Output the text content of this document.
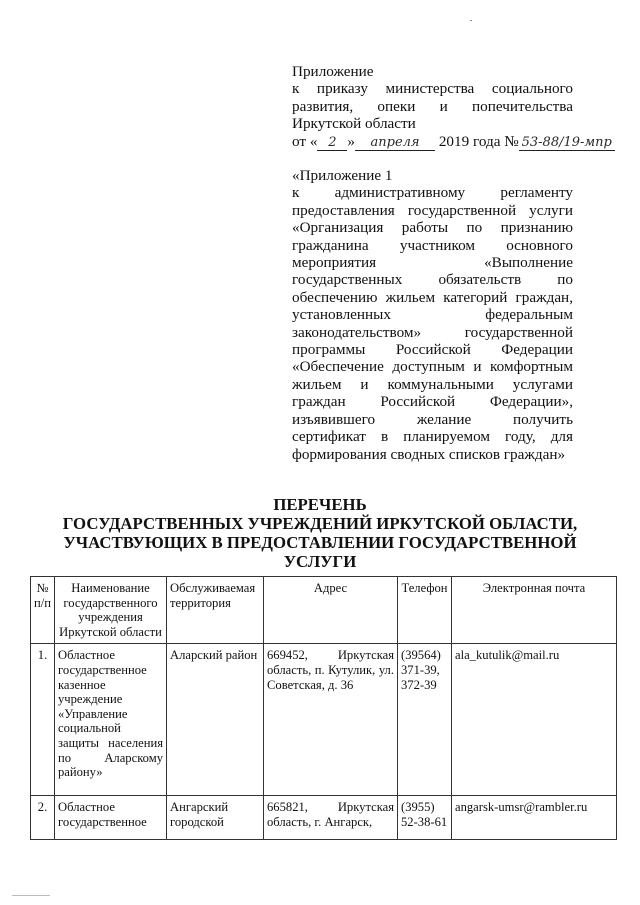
Приложение
к приказу министерства социального
развития, опеки и попечительства
Иркутской области
от « 2 » апреля 2019 года № 53-88/19-мпр
«Приложение 1
к административному регламенту
предоставления государственной услуги
«Организация работы по признанию
гражданина участником основного
мероприятия «Выполнение
государственных обязательств по
обеспечению жильем категорий граждан,
установленных федеральным
законодательством» государственной
программы Российской Федерации
«Обеспечение доступным и комфортным
жильем и коммунальными услугами
граждан Российской Федерации»,
изъявившего желание получить
сертификат в планируемом году, для
формирования сводных списков граждан»
ПЕРЕЧЕНЬ
ГОСУДАРСТВЕННЫХ УЧРЕЖДЕНИЙ ИРКУТСКОЙ ОБЛАСТИ,
УЧАСТВУЮЩИХ В ПРЕДОСТАВЛЕНИИ ГОСУДАРСТВЕННОЙ
УСЛУГИ
№ п/п	Наименование государственного учреждения Иркутской области	Обслуживаемая территория	Адрес	Телефон	Электронная почта
1.	Областное государственное казенное учреждение «Управление социальной защиты населения по Аларскому району»	Аларский район	669452, Иркутская область, п. Кутулик, ул. Советская, д. 36	(39564) 371-39, 372-39	ala_kutulik@mail.ru
2.	Областное государственное	Ангарский городской	665821, Иркутская область, г. Ангарск,	(3955) 52-38-61	angarsk-umsr@rambler.ru
